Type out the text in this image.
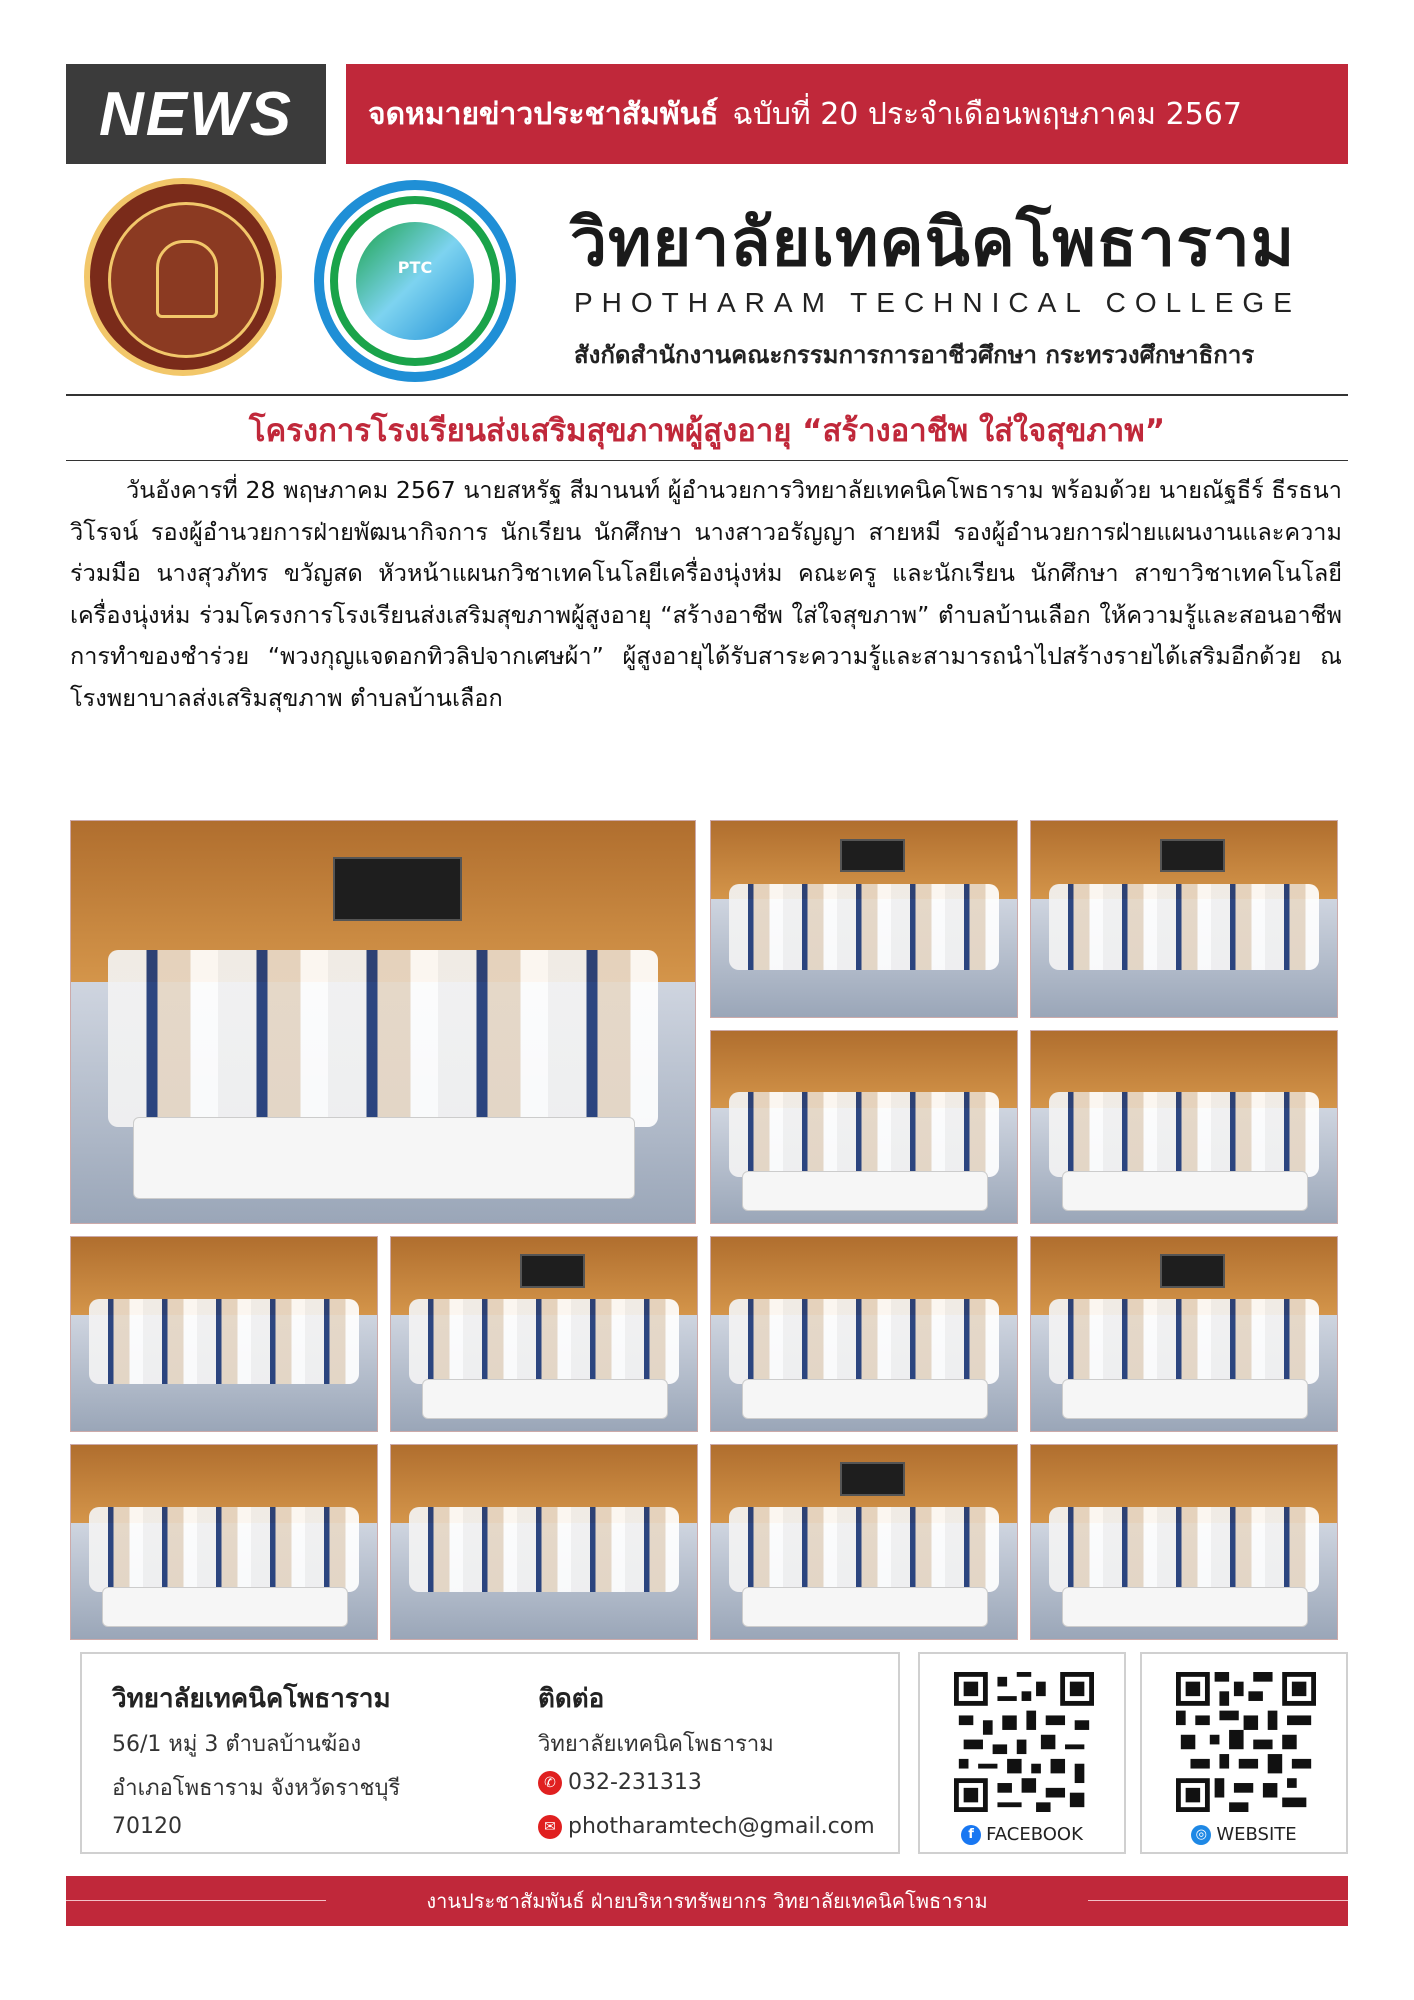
NEWS	จดหมายข่าวประชาสัมพันธ์ ฉบับที่ 20 ประจำเดือนพฤษภาคม 2567
PTC	วิทยาลัยเทคนิคโพธาราม
PHOTHARAM TECHNICAL COLLEGE
สังกัดสำนักงานคณะกรรมการการอาชีวศึกษา กระทรวงศึกษาธิการ
โครงการโรงเรียนส่งเสริมสุขภาพผู้สูงอายุ “สร้างอาชีพ ใส่ใจสุขภาพ”

วันอังคารที่ 28 พฤษภาคม 2567 นายสหรัฐ สีมานนท์ ผู้อำนวยการวิทยาลัยเทคนิคโพธาราม พร้อมด้วย นายณัฐธีร์ ธีรธนาวิโรจน์ รองผู้อำนวยการฝ่ายพัฒนากิจการ นักเรียน นักศึกษา นางสาวอรัญญา สายหมี รองผู้อำนวยการฝ่ายแผนงานและความร่วมมือ นางสุวภัทร ขวัญสด หัวหน้าแผนกวิชาเทคโนโลยีเครื่องนุ่งห่ม คณะครู และนักเรียน นักศึกษา สาขาวิชาเทคโนโลยีเครื่องนุ่งห่ม ร่วมโครงการโรงเรียนส่งเสริมสุขภาพผู้สูงอายุ “สร้างอาชีพ ใส่ใจสุขภาพ” ตำบลบ้านเลือก ให้ความรู้และสอนอาชีพการทำของชำร่วย “พวงกุญแจดอกทิวลิปจากเศษผ้า” ผู้สูงอายุได้รับสาระความรู้และสามารถนำไปสร้างรายได้เสริมอีกด้วย ณ โรงพยาบาลส่งเสริมสุขภาพ ตำบลบ้านเลือก

วิทยาลัยเทคนิคโพธาราม
56/1 หมู่ 3 ตำบลบ้านฆ้อง
อำเภอโพธาราม จังหวัดราชบุรี
70120
ติดต่อ
วิทยาลัยเทคนิคโพธาราม
✆ 032-231313
✉ photharamtech@gmail.com	f FACEBOOK	◎ WEBSITE
งานประชาสัมพันธ์ ฝ่ายบริหารทรัพยากร วิทยาลัยเทคนิคโพธาราม
